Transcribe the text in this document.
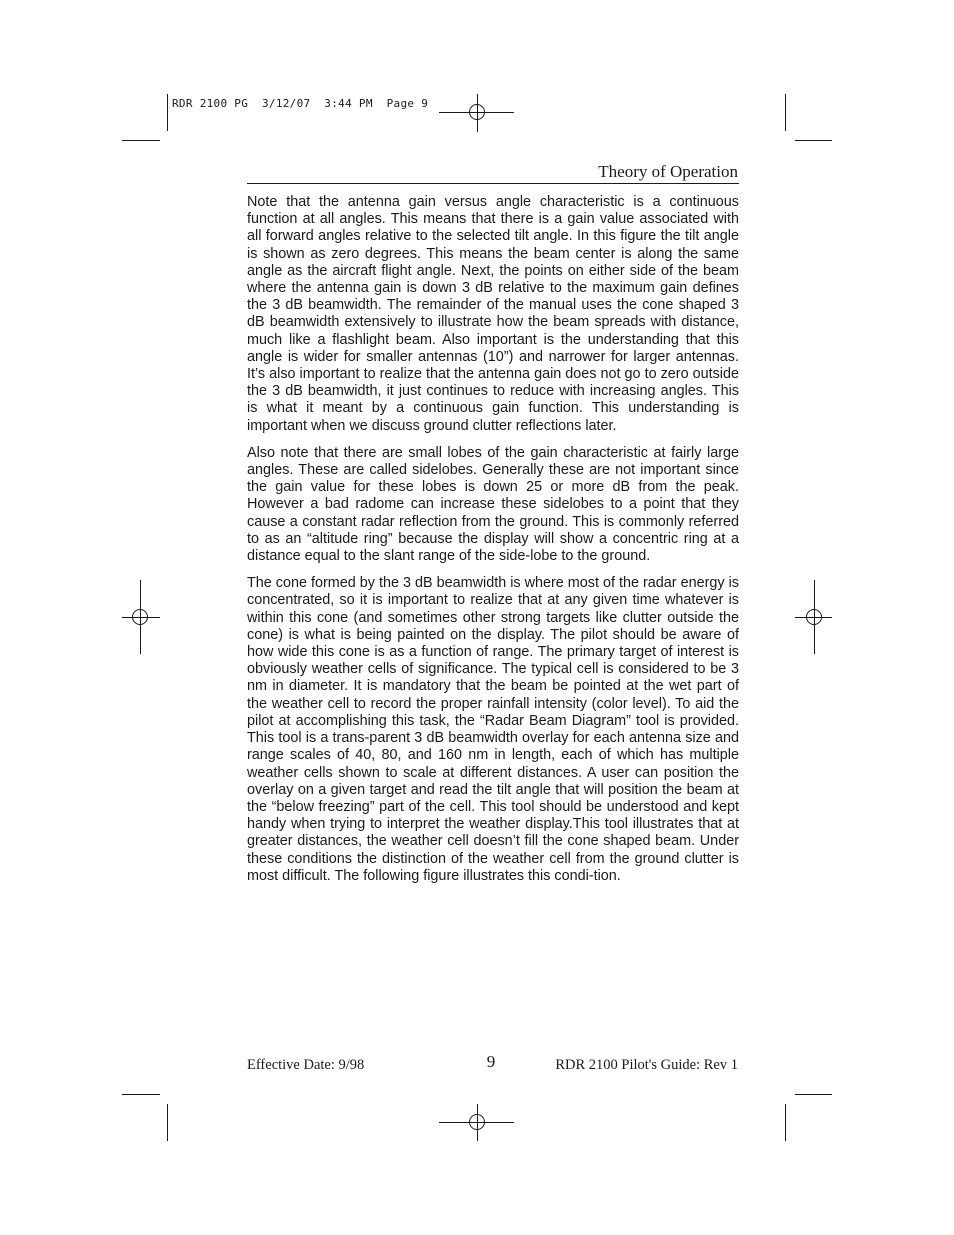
RDR 2100 PG  3/12/07  3:44 PM  Page 9
Theory of Operation

Note that the antenna gain versus angle characteristic is a continuous function at all angles. This means that there is a gain value associated with all forward angles relative to the selected tilt angle. In this figure the tilt angle is shown as zero degrees. This means the beam center is along the same angle as the aircraft flight angle. Next, the points on either side of the beam where the antenna gain is down 3 dB relative to the maximum gain defines the 3 dB beamwidth. The remainder of the manual uses the cone shaped 3 dB beamwidth extensively to illustrate how the beam spreads with distance, much like a flashlight beam. Also important is the understanding that this angle is wider for smaller antennas (10”) and narrower for larger antennas. It’s also important to realize that the antenna gain does not go to zero outside the 3 dB beamwidth, it just continues to reduce with increasing angles. This is what it meant by a continuous gain function. This understanding is important when we discuss ground clutter reflections later.

Also note that there are small lobes of the gain characteristic at fairly large angles. These are called sidelobes. Generally these are not important since the gain value for these lobes is down 25 or more dB from the peak. However a bad radome can increase these sidelobes to a point that they cause a constant radar reflection from the ground. This is commonly referred to as an “altitude ring” because the display will show a concentric ring at a distance equal to the slant range of the side-lobe to the ground.

The cone formed by the 3 dB beamwidth is where most of the radar energy is concentrated, so it is important to realize that at any given time whatever is within this cone (and sometimes other strong targets like clutter outside the cone) is what is being painted on the display. The pilot should be aware of how wide this cone is as a function of range. The primary target of interest is obviously weather cells of significance. The typical cell is considered to be 3 nm in diameter. It is mandatory that the beam be pointed at the wet part of the weather cell to record the proper rainfall intensity (color level). To aid the pilot at accomplishing this task, the “Radar Beam Diagram” tool is provided. This tool is a trans-parent 3 dB beamwidth overlay for each antenna size and range scales of 40, 80, and 160 nm in length, each of which has multiple weather cells shown to scale at different distances. A user can position the overlay on a given target and read the tilt angle that will position the beam at the “below freezing” part of the cell. This tool should be understood and kept handy when trying to interpret the weather display.This tool illustrates that at greater distances, the weather cell doesn’t fill the cone shaped beam. Under these conditions the distinction of the weather cell from the ground clutter is most difficult. The following figure illustrates this condi-tion.

Effective Date: 9/98	9	RDR 2100 Pilot's Guide: Rev 1
